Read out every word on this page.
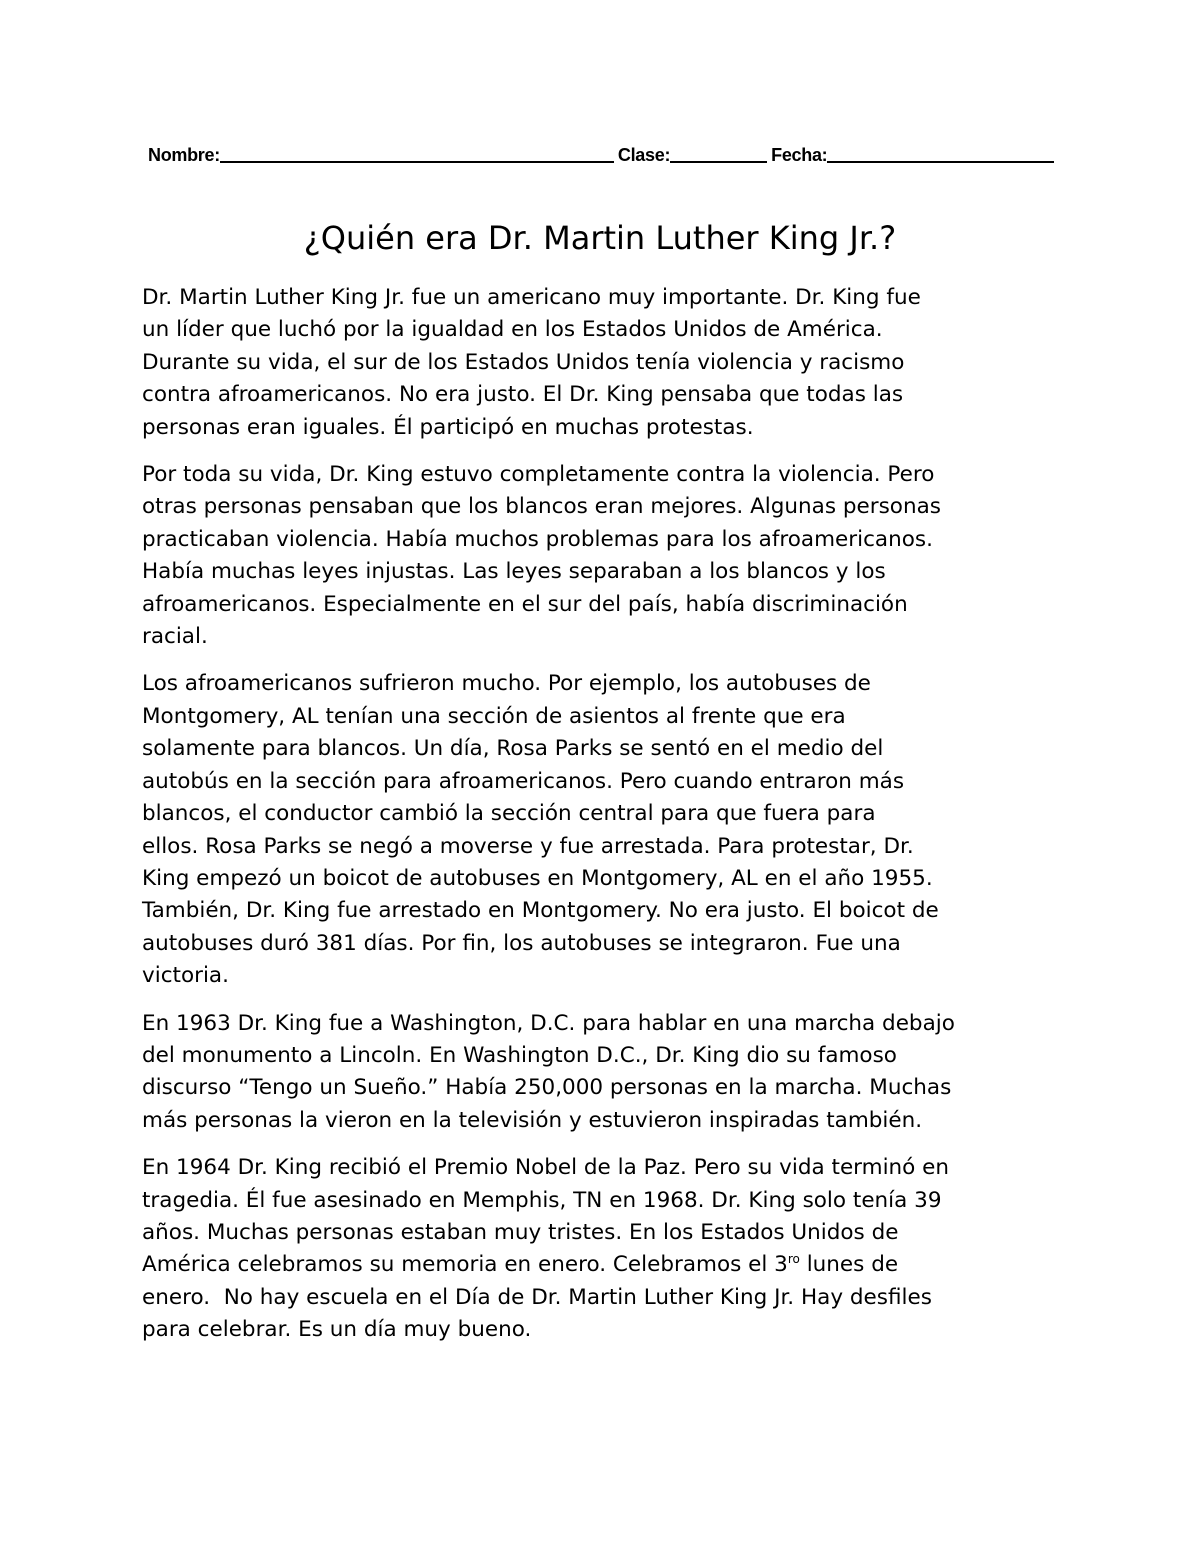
Nombre:	Clase:	Fecha:
¿Quién era Dr. Martin Luther King Jr.?

Dr. Martin Luther King Jr. fue un americano muy importante. Dr. King fue
un líder que luchó por la igualdad en los Estados Unidos de América.
Durante su vida, el sur de los Estados Unidos tenía violencia y racismo
contra afroamericanos. No era justo. El Dr. King pensaba que todas las
personas eran iguales. Él participó en muchas protestas.

Por toda su vida, Dr. King estuvo completamente contra la violencia. Pero
otras personas pensaban que los blancos eran mejores. Algunas personas
practicaban violencia. Había muchos problemas para los afroamericanos.
Había muchas leyes injustas. Las leyes separaban a los blancos y los
afroamericanos. Especialmente en el sur del país, había discriminación
racial.

Los afroamericanos sufrieron mucho. Por ejemplo, los autobuses de
Montgomery, AL tenían una sección de asientos al frente que era
solamente para blancos. Un día, Rosa Parks se sentó en el medio del
autobús en la sección para afroamericanos. Pero cuando entraron más
blancos, el conductor cambió la sección central para que fuera para
ellos. Rosa Parks se negó a moverse y fue arrestada. Para protestar, Dr.
King empezó un boicot de autobuses en Montgomery, AL en el año 1955.
También, Dr. King fue arrestado en Montgomery. No era justo. El boicot de
autobuses duró 381 días. Por fin, los autobuses se integraron. Fue una
victoria.

En 1963 Dr. King fue a Washington, D.C. para hablar en una marcha debajo
del monumento a Lincoln. En Washington D.C., Dr. King dio su famoso
discurso “Tengo un Sueño.” Había 250,000 personas en la marcha. Muchas
más personas la vieron en la televisión y estuvieron inspiradas también.

En 1964 Dr. King recibió el Premio Nobel de la Paz. Pero su vida terminó en
tragedia. Él fue asesinado en Memphis, TN en 1968. Dr. King solo tenía 39
años. Muchas personas estaban muy tristes. En los Estados Unidos de
América celebramos su memoria en enero. Celebramos el $3^{ro}$ lunes de
enero.  No hay escuela en el Día de Dr. Martin Luther King Jr. Hay desfiles
para celebrar. Es un día muy bueno.
